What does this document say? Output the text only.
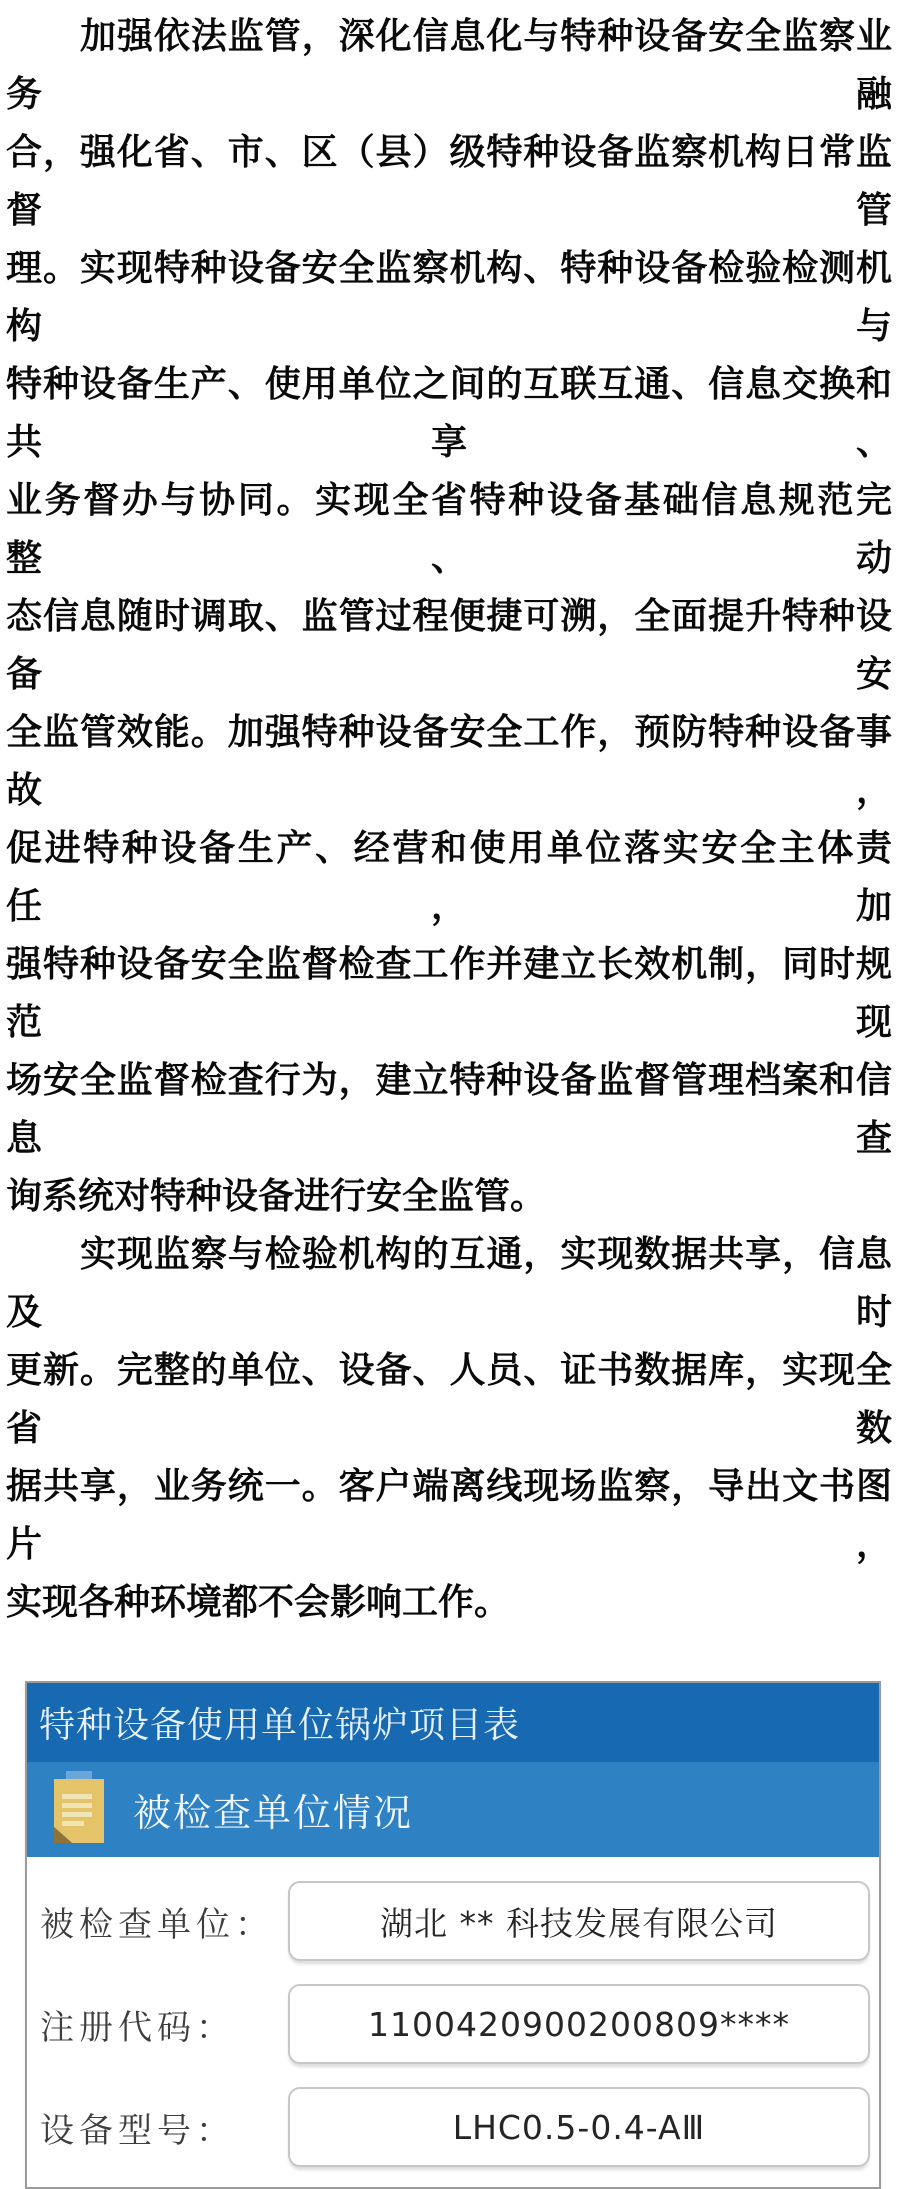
加强依法监管，深化信息化与特种设备安全监察业务融
合，强化省、市、区（县）级特种设备监察机构日常监督管
理。实现特种设备安全监察机构、特种设备检验检测机构与
特种设备生产、使用单位之间的互联互通、信息交换和共享、
业务督办与协同。实现全省特种设备基础信息规范完整、动
态信息随时调取、监管过程便捷可溯，全面提升特种设备安
全监管效能。加强特种设备安全工作，预防特种设备事故，
促进特种设备生产、经营和使用单位落实安全主体责任，加
强特种设备安全监督检查工作并建立长效机制，同时规范现
场安全监督检查行为，建立特种设备监督管理档案和信息查
询系统对特种设备进行安全监管。
实现监察与检验机构的互通，实现数据共享，信息及时
更新。完整的单位、设备、人员、证书数据库，实现全省数
据共享，业务统一。客户端离线现场监察，导出文书图片，
实现各种环境都不会影响工作。
特种设备使用单位锅炉项目表
被检查单位情况
被检查单位：	湖北 ** 科技发展有限公司
注册代码：	1100420900200809****
设备型号：	LHC0.5-0.4-AⅢ
